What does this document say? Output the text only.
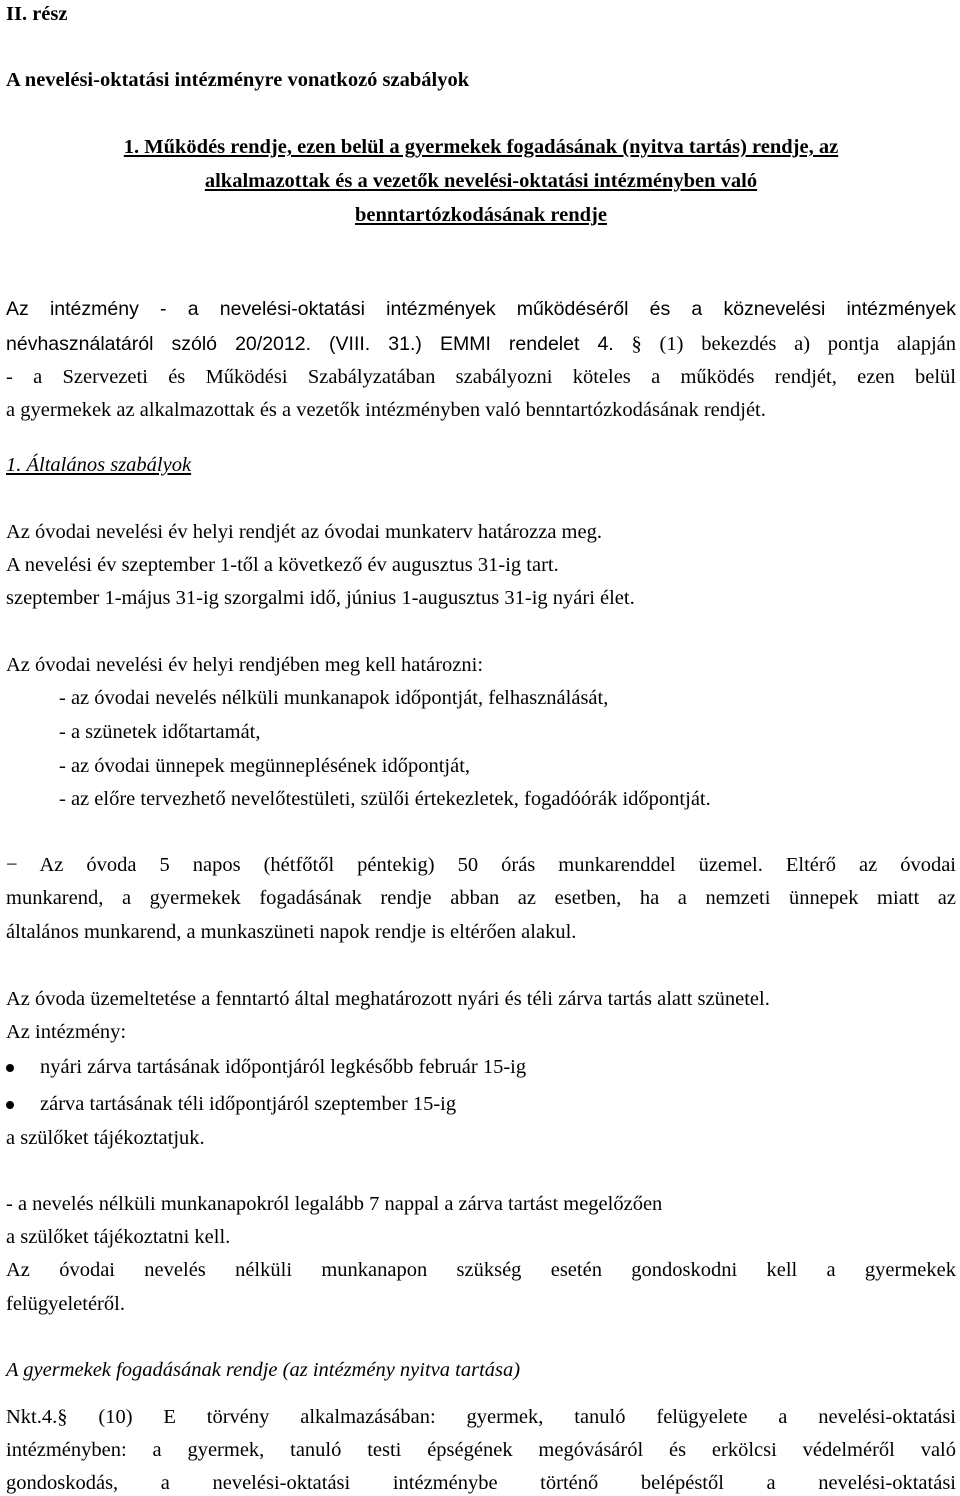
II. rész
A nevelési-oktatási intézményre vonatkozó szabályok
1. Működés rendje, ezen belül a gyermekek fogadásának (nyitva tartás) rendje, az
alkalmazottak és a vezetők nevelési-oktatási intézményben való
benntartózkodásának rendje
Az intézmény - a nevelési-oktatási intézmények működéséről és a köznevelési intézmények
névhasználatáról szóló 20/2012. (VIII. 31.) EMMI rendelet 4. § (1) bekezdés a) pontja alapján
- a Szervezeti és Működési Szabályzatában szabályozni köteles a működés rendjét, ezen belül
a gyermekek az alkalmazottak és a vezetők intézményben való benntartózkodásának rendjét.
1. Általános szabályok
Az óvodai nevelési év helyi rendjét az óvodai munkaterv határozza meg.
A nevelési év szeptember 1-től a következő év augusztus 31-ig tart.
szeptember 1-május 31-ig szorgalmi idő, június 1-augusztus 31-ig nyári élet.
Az óvodai nevelési év helyi rendjében meg kell határozni:
- az óvodai nevelés nélküli munkanapok időpontját, felhasználását,
- a szünetek időtartamát,
- az óvodai ünnepek megünneplésének időpontját,
- az előre tervezhető nevelőtestületi, szülői értekezletek, fogadóórák időpontját.
− Az óvoda 5 napos (hétfőtől péntekig) 50 órás munkarenddel üzemel. Eltérő az óvodai
munkarend, a gyermekek fogadásának rendje abban az esetben, ha a nemzeti ünnepek miatt az
általános munkarend, a munkaszüneti napok rendje is eltérően alakul.
Az óvoda üzemeltetése a fenntartó által meghatározott nyári és téli zárva tartás alatt szünetel.
Az intézmény:
nyári zárva tartásának időpontjáról legkésőbb február 15-ig
zárva tartásának téli időpontjáról szeptember 15-ig
a szülőket tájékoztatjuk.
- a nevelés nélküli munkanapokról legalább 7 nappal a zárva tartást megelőzően
a szülőket tájékoztatni kell.
Az óvodai nevelés nélküli munkanapon szükség esetén gondoskodni kell a gyermekek
felügyeletéről.
A gyermekek fogadásának rendje (az intézmény nyitva tartása)
Nkt.4.§ (10) E törvény alkalmazásában: gyermek, tanuló felügyelete a nevelési-oktatási
intézményben: a gyermek, tanuló testi épségének megóvásáról és erkölcsi védelméről való
gondoskodás, a nevelési-oktatási intézménybe történő belépéstől a nevelési-oktatási
